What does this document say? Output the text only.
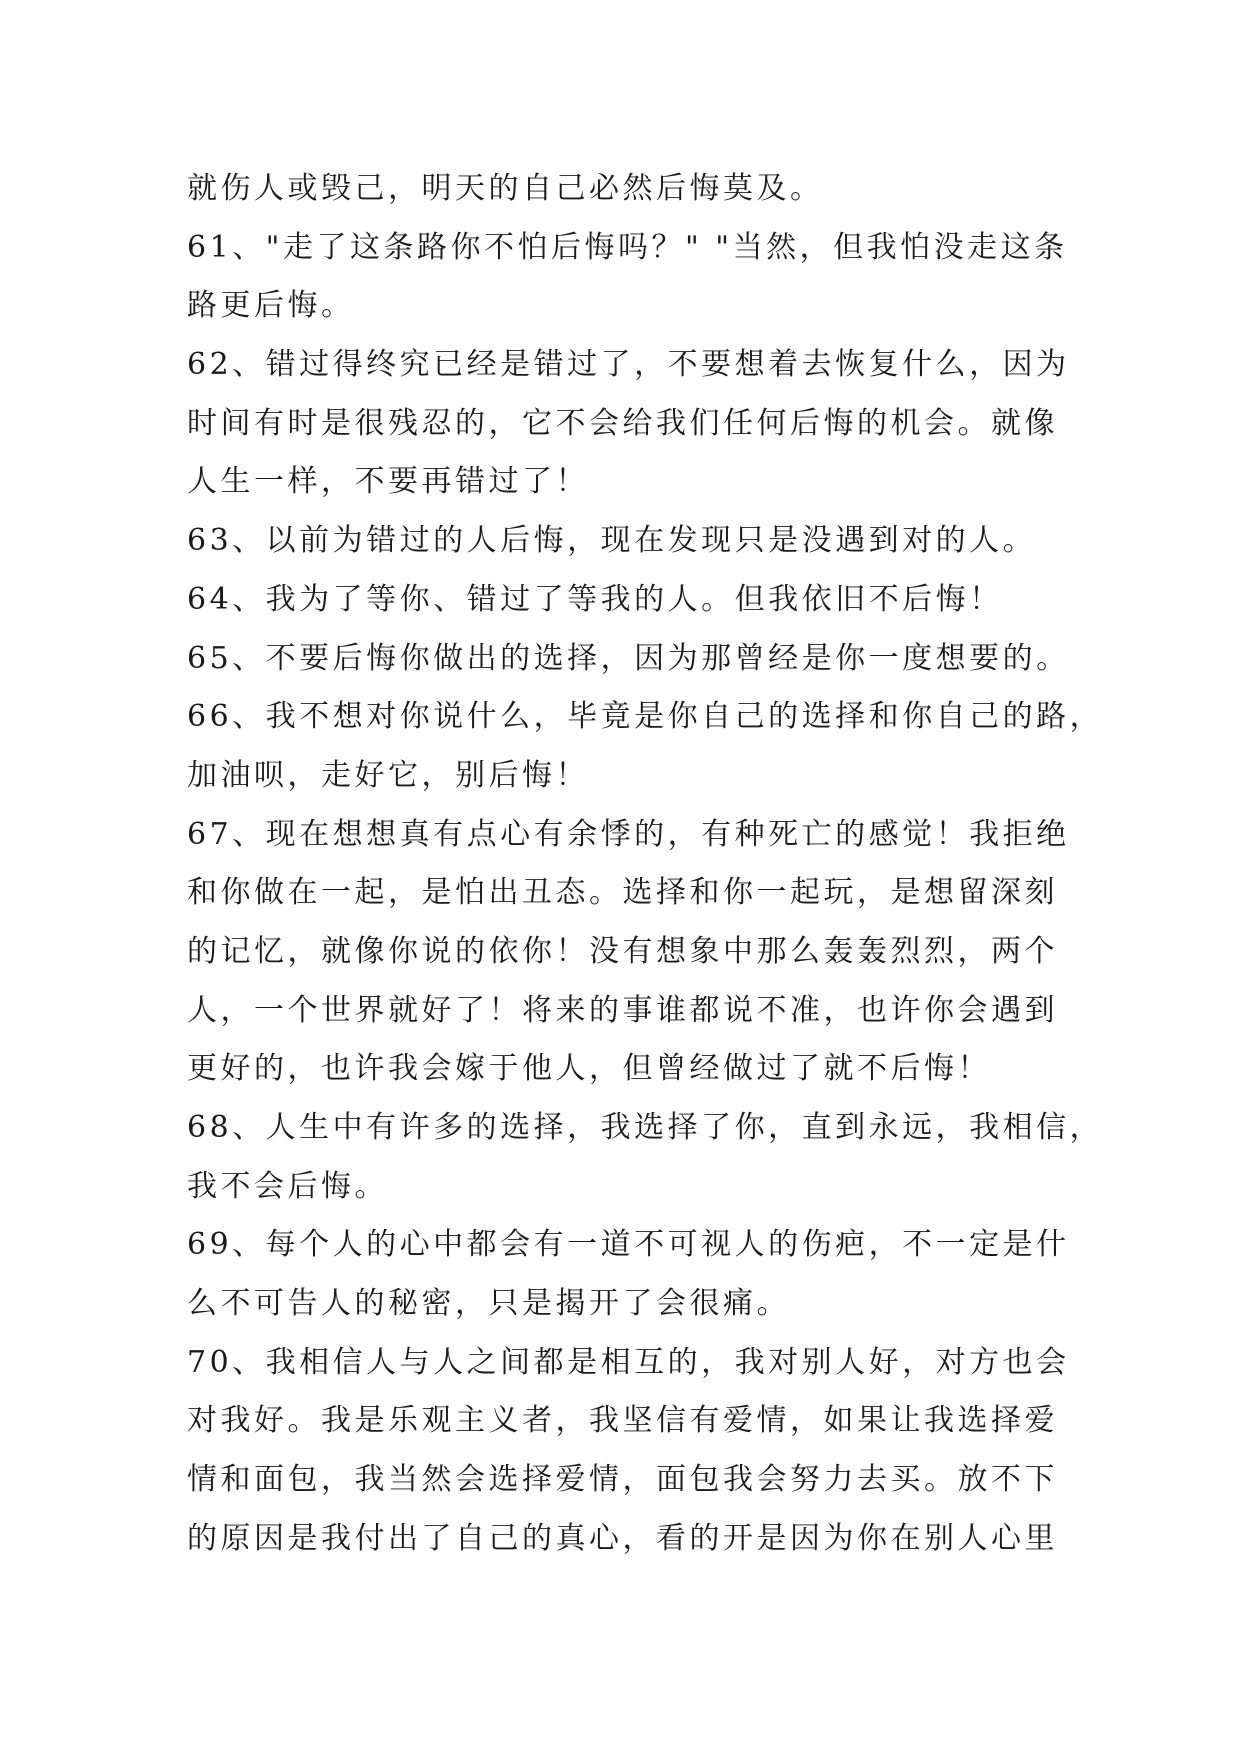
就伤人或毁己，明天的自己必然后悔莫及。
61、"走了这条路你不怕后悔吗？" "当然，但我怕没走这条
路更后悔。
62、错过得终究已经是错过了，不要想着去恢复什么，因为
时间有时是很残忍的，它不会给我们任何后悔的机会。就像
人生一样，不要再错过了！
63、以前为错过的人后悔，现在发现只是没遇到对的人。
64、我为了等你、错过了等我的人。但我依旧不后悔！
65、不要后悔你做出的选择，因为那曾经是你一度想要的。
66、我不想对你说什么，毕竟是你自己的选择和你自己的路，
加油呗，走好它，别后悔！
67、现在想想真有点心有余悸的，有种死亡的感觉！我拒绝
和你做在一起，是怕出丑态。选择和你一起玩，是想留深刻
的记忆，就像你说的依你！没有想象中那么轰轰烈烈，两个
人，一个世界就好了！将来的事谁都说不准，也许你会遇到
更好的，也许我会嫁于他人，但曾经做过了就不后悔！
68、人生中有许多的选择，我选择了你，直到永远，我相信，
我不会后悔。
69、每个人的心中都会有一道不可视人的伤疤，不一定是什
么不可告人的秘密，只是揭开了会很痛。
70、我相信人与人之间都是相互的，我对别人好，对方也会
对我好。我是乐观主义者，我坚信有爱情，如果让我选择爱
情和面包，我当然会选择爱情，面包我会努力去买。放不下
的原因是我付出了自己的真心，看的开是因为你在别人心里
